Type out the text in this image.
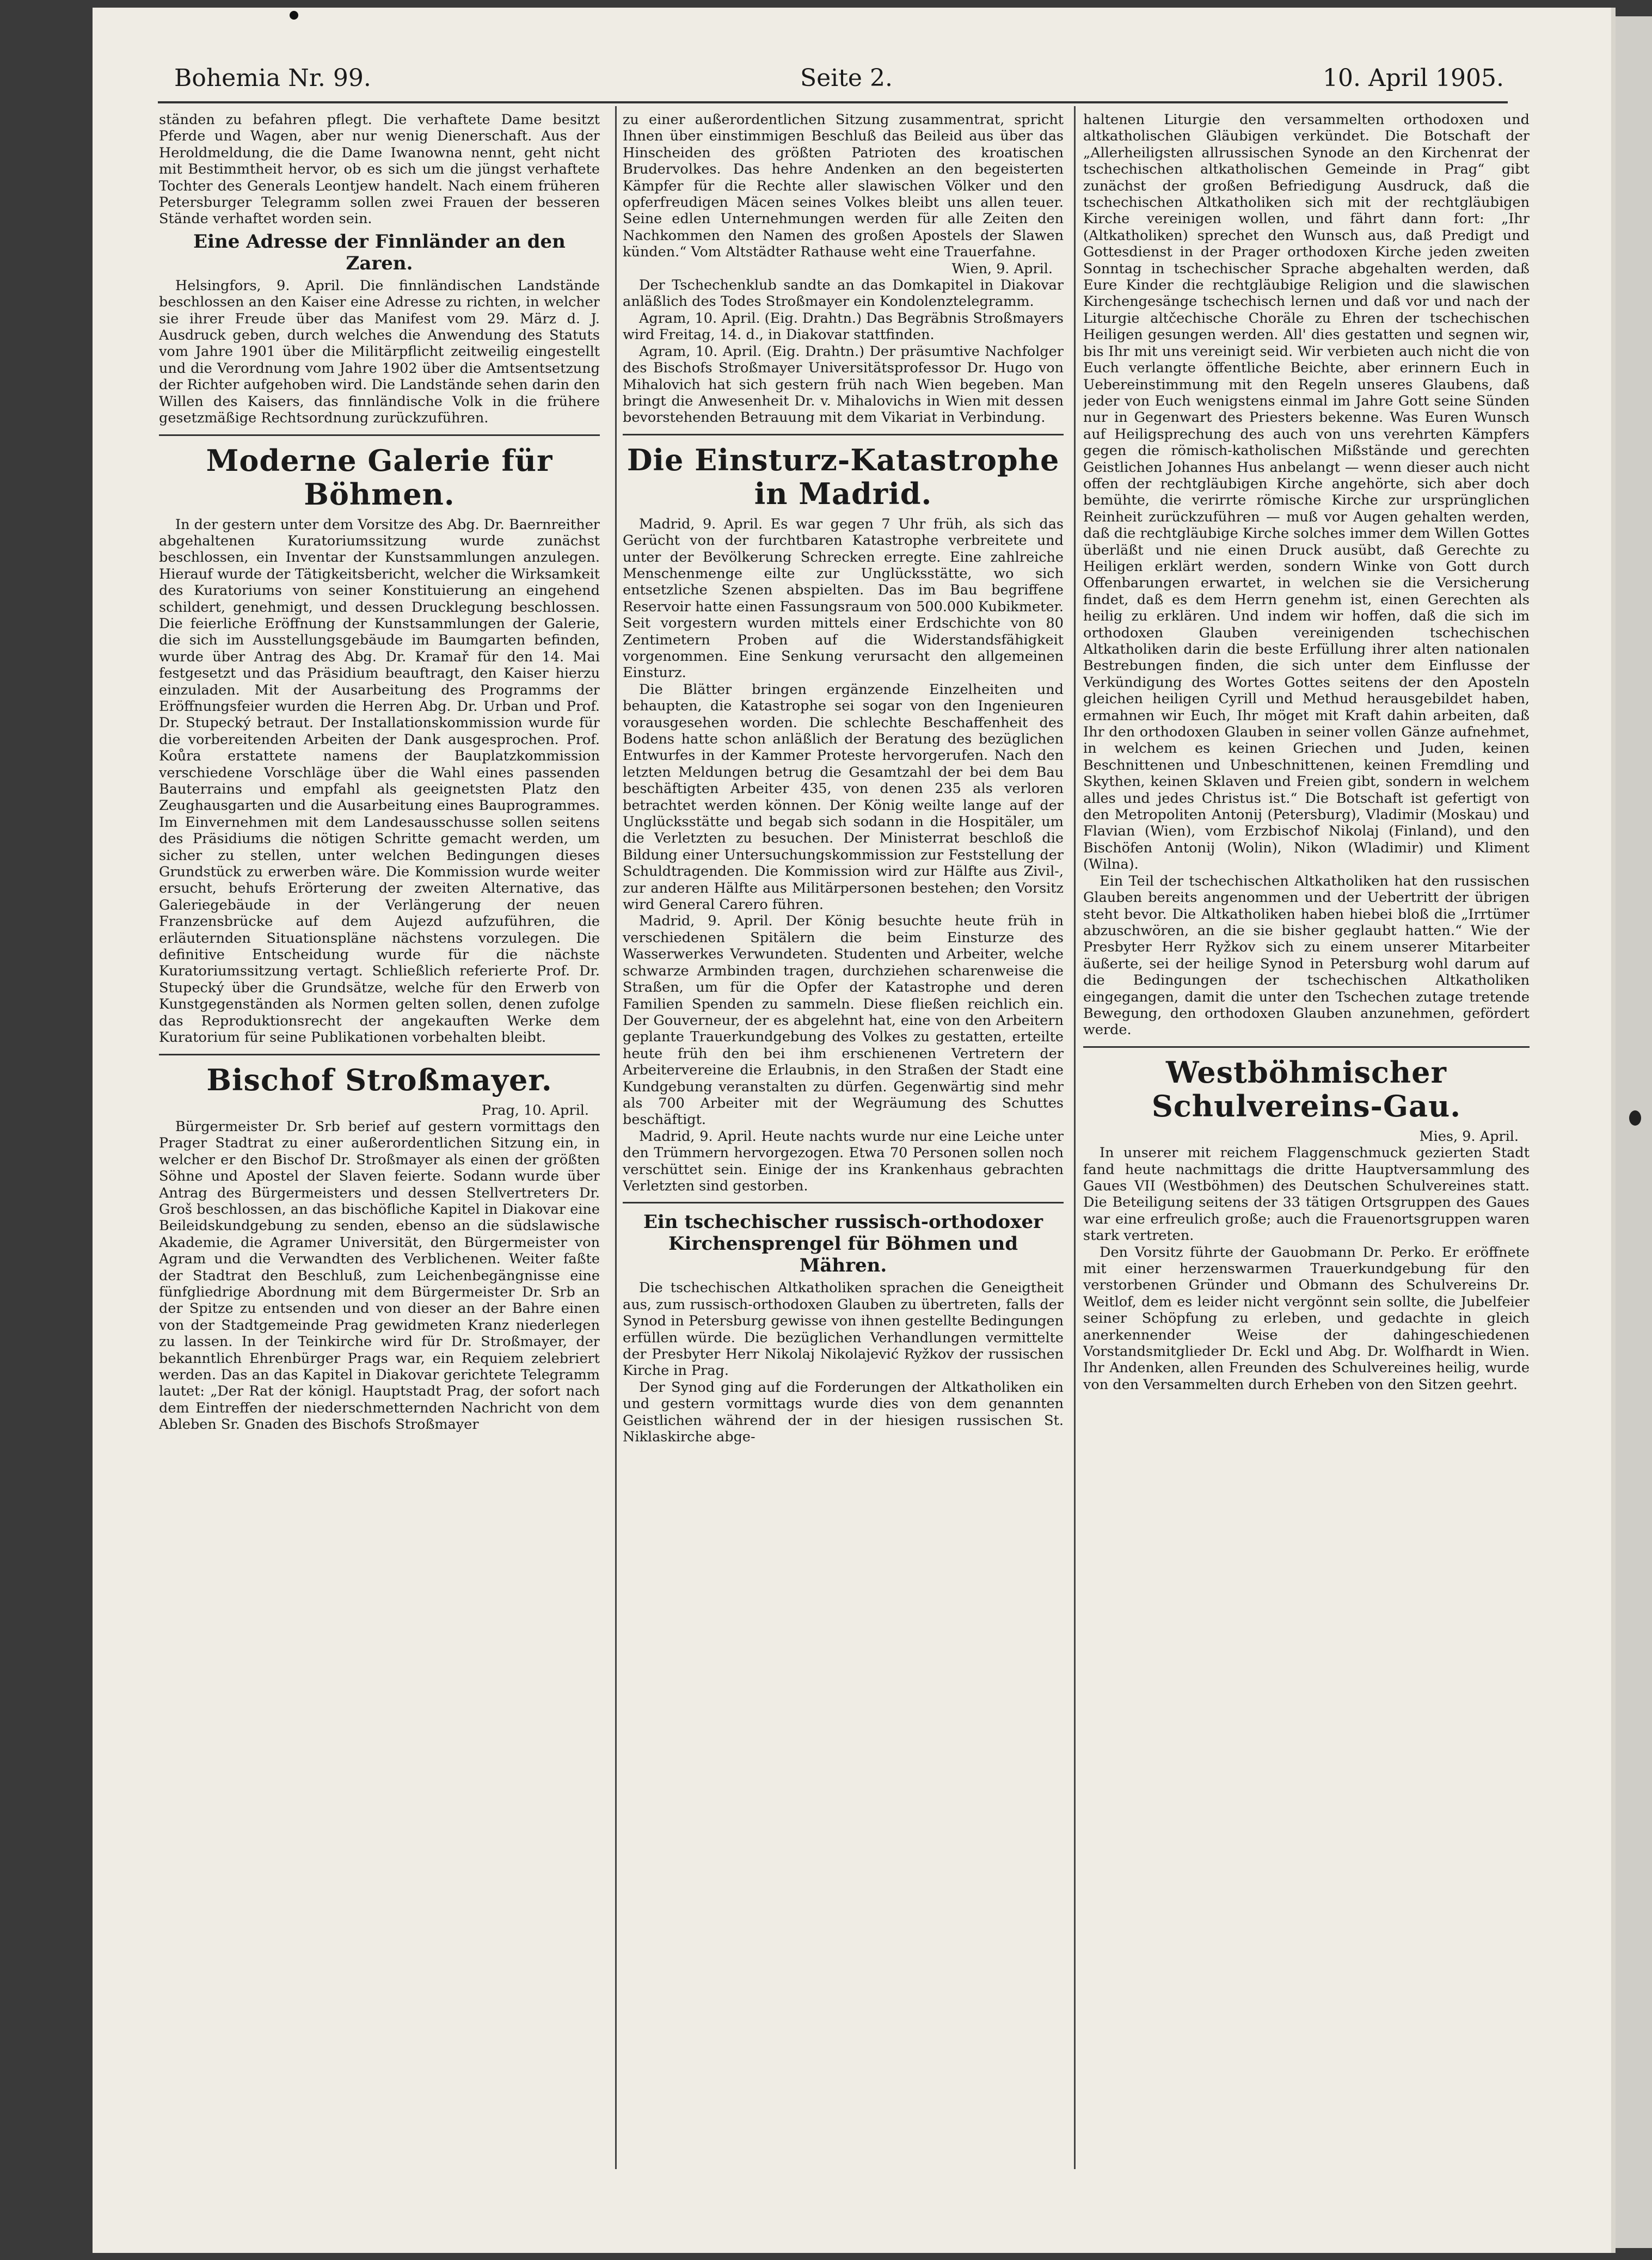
Bohemia Nr. 99.	Seite 2.	10. April 1905.

ständen zu befahren pflegt. Die verhaftete Dame besitzt Pferde und Wagen, aber nur wenig Dienerschaft. Aus der Heroldmeldung, die die Dame Iwanowna nennt, geht nicht mit Bestimmtheit hervor, ob es sich um die jüngst verhaftete Tochter des Generals Leontjew handelt. Nach einem früheren Petersburger Telegramm sollen zwei Frauen der besseren Stände verhaftet worden sein.

Eine Adresse der Finnländer an den Zaren.

Helsingfors, 9. April. Die finnländischen Landstände beschlossen an den Kaiser eine Adresse zu richten, in welcher sie ihrer Freude über das Manifest vom 29. März d. J. Ausdruck geben, durch welches die Anwendung des Statuts vom Jahre 1901 über die Militärpflicht zeitweilig eingestellt und die Verordnung vom Jahre 1902 über die Amtsentsetzung der Richter aufgehoben wird. Die Landstände sehen darin den Willen des Kaisers, das finnländische Volk in die frühere gesetzmäßige Rechtsordnung zurückzuführen.

Moderne Galerie für Böhmen.

In der gestern unter dem Vorsitze des Abg. Dr. Baernreither abgehaltenen Kuratoriumssitzung wurde zunächst beschlossen, ein Inventar der Kunstsammlungen anzulegen. Hierauf wurde der Tätigkeitsbericht, welcher die Wirksamkeit des Kuratoriums von seiner Konstituierung an eingehend schildert, genehmigt, und dessen Drucklegung beschlossen. Die feierliche Eröffnung der Kunstsammlungen der Galerie, die sich im Ausstellungsgebäude im Baumgarten befinden, wurde über Antrag des Abg. Dr. Kramař für den 14. Mai festgesetzt und das Präsidium beauftragt, den Kaiser hierzu einzuladen. Mit der Ausarbeitung des Programms der Eröffnungsfeier wurden die Herren Abg. Dr. Urban und Prof. Dr. Stupecký betraut. Der Installationskommission wurde für die vorbereitenden Arbeiten der Dank ausgesprochen. Prof. Koůra erstattete namens der Bauplatzkommission verschiedene Vorschläge über die Wahl eines passenden Bauterrains und empfahl als geeignetsten Platz den Zeughausgarten und die Ausarbeitung eines Bauprogrammes. Im Einvernehmen mit dem Landesausschusse sollen seitens des Präsidiums die nötigen Schritte gemacht werden, um sicher zu stellen, unter welchen Bedingungen dieses Grundstück zu erwerben wäre. Die Kommission wurde weiter ersucht, behufs Erörterung der zweiten Alternative, das Galeriegebäude in der Verlängerung der neuen Franzensbrücke auf dem Aujezd aufzuführen, die erläuternden Situationspläne nächstens vorzulegen. Die definitive Entscheidung wurde für die nächste Kuratoriumssitzung vertagt. Schließlich referierte Prof. Dr. Stupecký über die Grundsätze, welche für den Erwerb von Kunstgegenständen als Normen gelten sollen, denen zufolge das Reproduktionsrecht der angekauften Werke dem Kuratorium für seine Publikationen vorbehalten bleibt.

Bischof Stroßmayer.

Prag, 10. April.

Bürgermeister Dr. Srb berief auf gestern vormittags den Prager Stadtrat zu einer außerordentlichen Sitzung ein, in welcher er den Bischof Dr. Stroßmayer als einen der größten Söhne und Apostel der Slaven feierte. Sodann wurde über Antrag des Bürgermeisters und dessen Stellvertreters Dr. Groš beschlossen, an das bischöfliche Kapitel in Diakovar eine Beileidskundgebung zu senden, ebenso an die südslawische Akademie, die Agramer Universität, den Bürgermeister von Agram und die Verwandten des Verblichenen. Weiter faßte der Stadtrat den Beschluß, zum Leichenbegängnisse eine fünfgliedrige Abordnung mit dem Bürgermeister Dr. Srb an der Spitze zu entsenden und von dieser an der Bahre einen von der Stadtgemeinde Prag gewidmeten Kranz niederlegen zu lassen. In der Teinkirche wird für Dr. Stroßmayer, der bekanntlich Ehrenbürger Prags war, ein Requiem zelebriert werden. Das an das Kapitel in Diakovar gerichtete Telegramm lautet: „Der Rat der königl. Hauptstadt Prag, der sofort nach dem Eintreffen der niederschmetternden Nachricht von dem Ableben Sr. Gnaden des Bischofs Stroßmayer

zu einer außerordentlichen Sitzung zusammentrat, spricht Ihnen über einstimmigen Beschluß das Beileid aus über das Hinscheiden des größten Patrioten des kroatischen Brudervolkes. Das hehre Andenken an den begeisterten Kämpfer für die Rechte aller slawischen Völker und den opferfreudigen Mäcen seines Volkes bleibt uns allen teuer. Seine edlen Unternehmungen werden für alle Zeiten den Nachkommen den Namen des großen Apostels der Slawen künden.“ Vom Altstädter Rathause weht eine Trauerfahne.

Wien, 9. April.

Der Tschechenklub sandte an das Domkapitel in Diakovar anläßlich des Todes Stroßmayer ein Kondolenztelegramm.

Agram, 10. April. (Eig. Drahtn.) Das Begräbnis Stroßmayers wird Freitag, 14. d., in Diakovar stattfinden.

Agram, 10. April. (Eig. Drahtn.) Der präsumtive Nachfolger des Bischofs Stroßmayer Universitätsprofessor Dr. Hugo von Mihalovich hat sich gestern früh nach Wien begeben. Man bringt die Anwesenheit Dr. v. Mihalovichs in Wien mit dessen bevorstehenden Betrauung mit dem Vikariat in Verbindung.

Die Einsturz-Katastrophe in Madrid.

Madrid, 9. April. Es war gegen 7 Uhr früh, als sich das Gerücht von der furchtbaren Katastrophe verbreitete und unter der Bevölkerung Schrecken erregte. Eine zahlreiche Menschenmenge eilte zur Unglücksstätte, wo sich entsetzliche Szenen abspielten. Das im Bau begriffene Reservoir hatte einen Fassungsraum von 500.000 Kubikmeter. Seit vorgestern wurden mittels einer Erdschichte von 80 Zentimetern Proben auf die Widerstandsfähigkeit vorgenommen. Eine Senkung verursacht den allgemeinen Einsturz.

Die Blätter bringen ergänzende Einzelheiten und behaupten, die Katastrophe sei sogar von den Ingenieuren vorausgesehen worden. Die schlechte Beschaffenheit des Bodens hatte schon anläßlich der Beratung des bezüglichen Entwurfes in der Kammer Proteste hervorgerufen. Nach den letzten Meldungen betrug die Gesamtzahl der bei dem Bau beschäftigten Arbeiter 435, von denen 235 als verloren betrachtet werden können. Der König weilte lange auf der Unglücksstätte und begab sich sodann in die Hospitäler, um die Verletzten zu besuchen. Der Ministerrat beschloß die Bildung einer Untersuchungskommission zur Feststellung der Schuldtragenden. Die Kommission wird zur Hälfte aus Zivil-, zur anderen Hälfte aus Militärpersonen bestehen; den Vorsitz wird General Carero führen.

Madrid, 9. April. Der König besuchte heute früh in verschiedenen Spitälern die beim Einsturze des Wasserwerkes Verwundeten. Studenten und Arbeiter, welche schwarze Armbinden tragen, durchziehen scharenweise die Straßen, um für die Opfer der Katastrophe und deren Familien Spenden zu sammeln. Diese fließen reichlich ein. Der Gouverneur, der es abgelehnt hat, eine von den Arbeitern geplante Trauerkundgebung des Volkes zu gestatten, erteilte heute früh den bei ihm erschienenen Vertretern der Arbeitervereine die Erlaubnis, in den Straßen der Stadt eine Kundgebung veranstalten zu dürfen. Gegenwärtig sind mehr als 700 Arbeiter mit der Wegräumung des Schuttes beschäftigt.

Madrid, 9. April. Heute nachts wurde nur eine Leiche unter den Trümmern hervorgezogen. Etwa 70 Personen sollen noch verschüttet sein. Einige der ins Krankenhaus gebrachten Verletzten sind gestorben.

Ein tschechischer russisch-orthodoxer Kirchensprengel für Böhmen und Mähren.

Die tschechischen Altkatholiken sprachen die Geneigtheit aus, zum russisch-orthodoxen Glauben zu übertreten, falls der Synod in Petersburg gewisse von ihnen gestellte Bedingungen erfüllen würde. Die bezüglichen Verhandlungen vermittelte der Presbyter Herr Nikolaj Nikolajević Ryžkov der russischen Kirche in Prag.

Der Synod ging auf die Forderungen der Altkatholiken ein und gestern vormittags wurde dies von dem genannten Geistlichen während der in der hiesigen russischen St. Niklaskirche abge-

haltenen Liturgie den versammelten orthodoxen und altkatholischen Gläubigen verkündet. Die Botschaft der „Allerheiligsten allrussischen Synode an den Kirchenrat der tschechischen altkatholischen Gemeinde in Prag“ gibt zunächst der großen Befriedigung Ausdruck, daß die tschechischen Altkatholiken sich mit der rechtgläubigen Kirche vereinigen wollen, und fährt dann fort: „Ihr (Altkatholiken) sprechet den Wunsch aus, daß Predigt und Gottesdienst in der Prager orthodoxen Kirche jeden zweiten Sonntag in tschechischer Sprache abgehalten werden, daß Eure Kinder die rechtgläubige Religion und die slawischen Kirchengesänge tschechisch lernen und daß vor und nach der Liturgie altčechische Choräle zu Ehren der tschechischen Heiligen gesungen werden. All' dies gestatten und segnen wir, bis Ihr mit uns vereinigt seid. Wir verbieten auch nicht die von Euch verlangte öffentliche Beichte, aber erinnern Euch in Uebereinstimmung mit den Regeln unseres Glaubens, daß jeder von Euch wenigstens einmal im Jahre Gott seine Sünden nur in Gegenwart des Priesters bekenne. Was Euren Wunsch auf Heiligsprechung des auch von uns verehrten Kämpfers gegen die römisch-katholischen Mißstände und gerechten Geistlichen Johannes Hus anbelangt — wenn dieser auch nicht offen der rechtgläubigen Kirche angehörte, sich aber doch bemühte, die verirrte römische Kirche zur ursprünglichen Reinheit zurückzuführen — muß vor Augen gehalten werden, daß die rechtgläubige Kirche solches immer dem Willen Gottes überläßt und nie einen Druck ausübt, daß Gerechte zu Heiligen erklärt werden, sondern Winke von Gott durch Offenbarungen erwartet, in welchen sie die Versicherung findet, daß es dem Herrn genehm ist, einen Gerechten als heilig zu erklären. Und indem wir hoffen, daß die sich im orthodoxen Glauben vereinigenden tschechischen Altkatholiken darin die beste Erfüllung ihrer alten nationalen Bestrebungen finden, die sich unter dem Einflusse der Verkündigung des Wortes Gottes seitens der den Aposteln gleichen heiligen Cyrill und Methud herausgebildet haben, ermahnen wir Euch, Ihr möget mit Kraft dahin arbeiten, daß Ihr den orthodoxen Glauben in seiner vollen Gänze aufnehmet, in welchem es keinen Griechen und Juden, keinen Beschnittenen und Unbeschnittenen, keinen Fremdling und Skythen, keinen Sklaven und Freien gibt, sondern in welchem alles und jedes Christus ist.“ Die Botschaft ist gefertigt von den Metropoliten Antonij (Petersburg), Vladimir (Moskau) und Flavian (Wien), vom Erzbischof Nikolaj (Finland), und den Bischöfen Antonij (Wolin), Nikon (Wladimir) und Kliment (Wilna).

Ein Teil der tschechischen Altkatholiken hat den russischen Glauben bereits angenommen und der Uebertritt der übrigen steht bevor. Die Altkatholiken haben hiebei bloß die „Irrtümer abzuschwören, an die sie bisher geglaubt hatten.“ Wie der Presbyter Herr Ryžkov sich zu einem unserer Mitarbeiter äußerte, sei der heilige Synod in Petersburg wohl darum auf die Bedingungen der tschechischen Altkatholiken eingegangen, damit die unter den Tschechen zutage tretende Bewegung, den orthodoxen Glauben anzunehmen, gefördert werde.

Westböhmischer Schulvereins-Gau.

Mies, 9. April.

In unserer mit reichem Flaggenschmuck gezierten Stadt fand heute nachmittags die dritte Hauptversammlung des Gaues VII (Westböhmen) des Deutschen Schulvereines statt. Die Beteiligung seitens der 33 tätigen Ortsgruppen des Gaues war eine erfreulich große; auch die Frauenortsgruppen waren stark vertreten.

Den Vorsitz führte der Gauobmann Dr. Perko. Er eröffnete mit einer herzenswarmen Trauerkundgebung für den verstorbenen Gründer und Obmann des Schulvereins Dr. Weitlof, dem es leider nicht vergönnt sein sollte, die Jubelfeier seiner Schöpfung zu erleben, und gedachte in gleich anerkennender Weise der dahingeschiedenen Vorstandsmitglieder Dr. Eckl und Abg. Dr. Wolfhardt in Wien. Ihr Andenken, allen Freunden des Schulvereines heilig, wurde von den Versammelten durch Erheben von den Sitzen geehrt.
